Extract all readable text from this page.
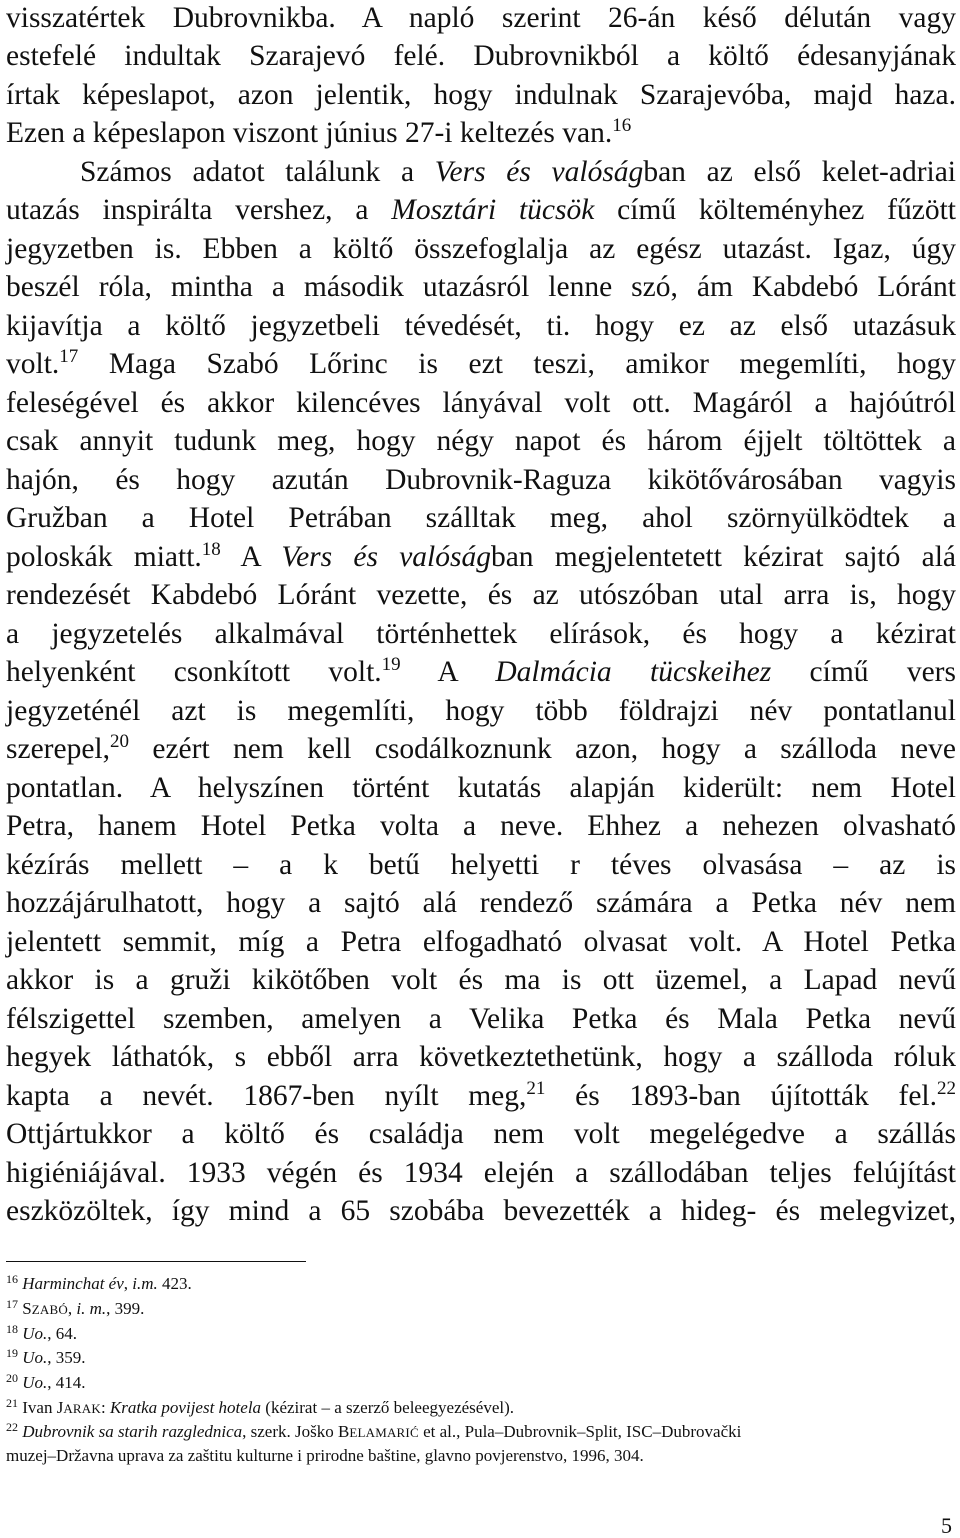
visszatértek Dubrovnikba. A napló szerint 26-án késő délután vagy
estefelé indultak Szarajevó felé. Dubrovnikból a költő édesanyjának
írtak képeslapot, azon jelentik, hogy indulnak Szarajevóba, majd haza.
Ezen a képeslapon viszont június 27-i keltezés van.$^{16}$
Számos adatot találunk a Vers és valóságban az első kelet-adriai
utazás inspirálta vershez, a Mosztári tücsök című költeményhez fűzött
jegyzetben is. Ebben a költő összefoglalja az egész utazást. Igaz, úgy
beszél róla, mintha a második utazásról lenne szó, ám Kabdebó Lóránt
kijavítja a költő jegyzetbeli tévedését, ti. hogy ez az első utazásuk
volt.$^{17}$ Maga Szabó Lőrinc is ezt teszi, amikor megemlíti, hogy
feleségével és akkor kilencéves lányával volt ott. Magáról a hajóútról
csak annyit tudunk meg, hogy négy napot és három éjjelt töltöttek a
hajón, és hogy azután Dubrovnik-Raguza kikötővárosában vagyis
Gružban a Hotel Petrában szálltak meg, ahol szörnyülködtek a
poloskák miatt.$^{18}$ A Vers és valóságban megjelentetett kézirat sajtó alá
rendezését Kabdebó Lóránt vezette, és az utószóban utal arra is, hogy
a jegyzetelés alkalmával történhettek elírások, és hogy a kézirat
helyenként csonkított volt.$^{19}$ A Dalmácia tücskeihez című vers
jegyzeténél azt is megemlíti, hogy több földrajzi név pontatlanul
szerepel,$^{20}$ ezért nem kell csodálkoznunk azon, hogy a szálloda neve
pontatlan. A helyszínen történt kutatás alapján kiderült: nem Hotel
Petra, hanem Hotel Petka volta a neve. Ehhez a nehezen olvasható
kézírás mellett – a k betű helyetti r téves olvasása – az is
hozzájárulhatott, hogy a sajtó alá rendező számára a Petka név nem
jelentett semmit, míg a Petra elfogadható olvasat volt. A Hotel Petka
akkor is a gruži kikötőben volt és ma is ott üzemel, a Lapad nevű
félszigettel szemben, amelyen a Velika Petka és Mala Petka nevű
hegyek láthatók, s ebből arra következtethetünk, hogy a szálloda róluk
kapta a nevét. 1867-ben nyílt meg,$^{21}$ és 1893-ban újították fel.$^{22}$
Ottjártukkor a költő és családja nem volt megelégedve a szállás
higiéniájával. 1933 végén és 1934 elején a szállodában teljes felújítást
eszközöltek, így mind a 65 szobába bevezették a hideg- és melegvizet,
$^{16}$ Harminchat év, i.m. 423.
$^{17}$ SZABÓ, i. m., 399.
$^{18}$ Uo., 64.
$^{19}$ Uo., 359.
$^{20}$ Uo., 414.
$^{21}$ Ivan JARAK: Kratka povijest hotela (kézirat – a szerző beleegyezésével).
$^{22}$ Dubrovnik sa starih razglednica, szerk. Joško BELAMARIĆ et al., Pula–Dubrovnik–Split, ISC–Dubrovački
muzej–Državna uprava za zaštitu kulturne i prirodne baštine, glavno povjerenstvo, 1996, 304.
5
